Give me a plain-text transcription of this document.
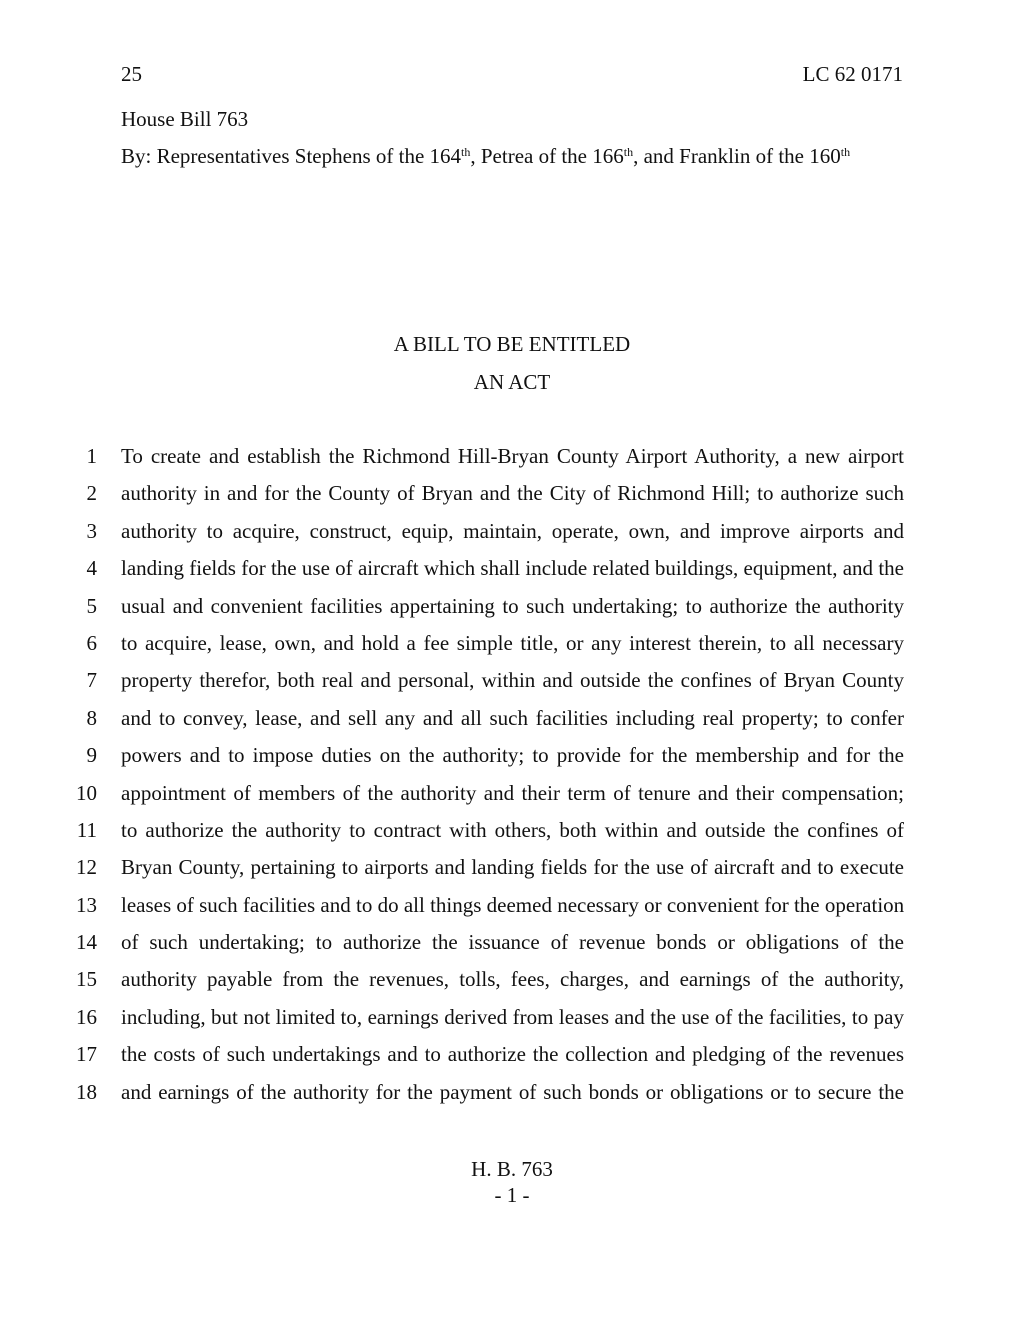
25	LC 62 0171
House Bill 763
By: Representatives Stephens of the 164th, Petrea of the 166th, and Franklin of the 160th
A BILL TO BE ENTITLED
AN ACT
1 To create and establish the Richmond Hill-Bryan County Airport Authority, a new airport
2 authority in and for the County of Bryan and the City of Richmond Hill; to authorize such
3 authority to acquire, construct, equip, maintain, operate, own, and improve airports and
4 landing fields for the use of aircraft which shall include related buildings, equipment, and the
5 usual and convenient facilities appertaining to such undertaking; to authorize the authority
6 to acquire, lease, own, and hold a fee simple title, or any interest therein, to all necessary
7 property therefor, both real and personal, within and outside the confines of Bryan County
8 and to convey, lease, and sell any and all such facilities including real property; to confer
9 powers and to impose duties on the authority; to provide for the membership and for the
10 appointment of members of the authority and their term of tenure and their compensation;
11 to authorize the authority to contract with others, both within and outside the confines of
12 Bryan County, pertaining to airports and landing fields for the use of aircraft and to execute
13 leases of such facilities and to do all things deemed necessary or convenient for the operation
14 of such undertaking; to authorize the issuance of revenue bonds or obligations of the
15 authority payable from the revenues, tolls, fees, charges, and earnings of the authority,
16 including, but not limited to, earnings derived from leases and the use of the facilities, to pay
17 the costs of such undertakings and to authorize the collection and pledging of the revenues
18 and earnings of the authority for the payment of such bonds or obligations or to secure the
H. B. 763
- 1 -
